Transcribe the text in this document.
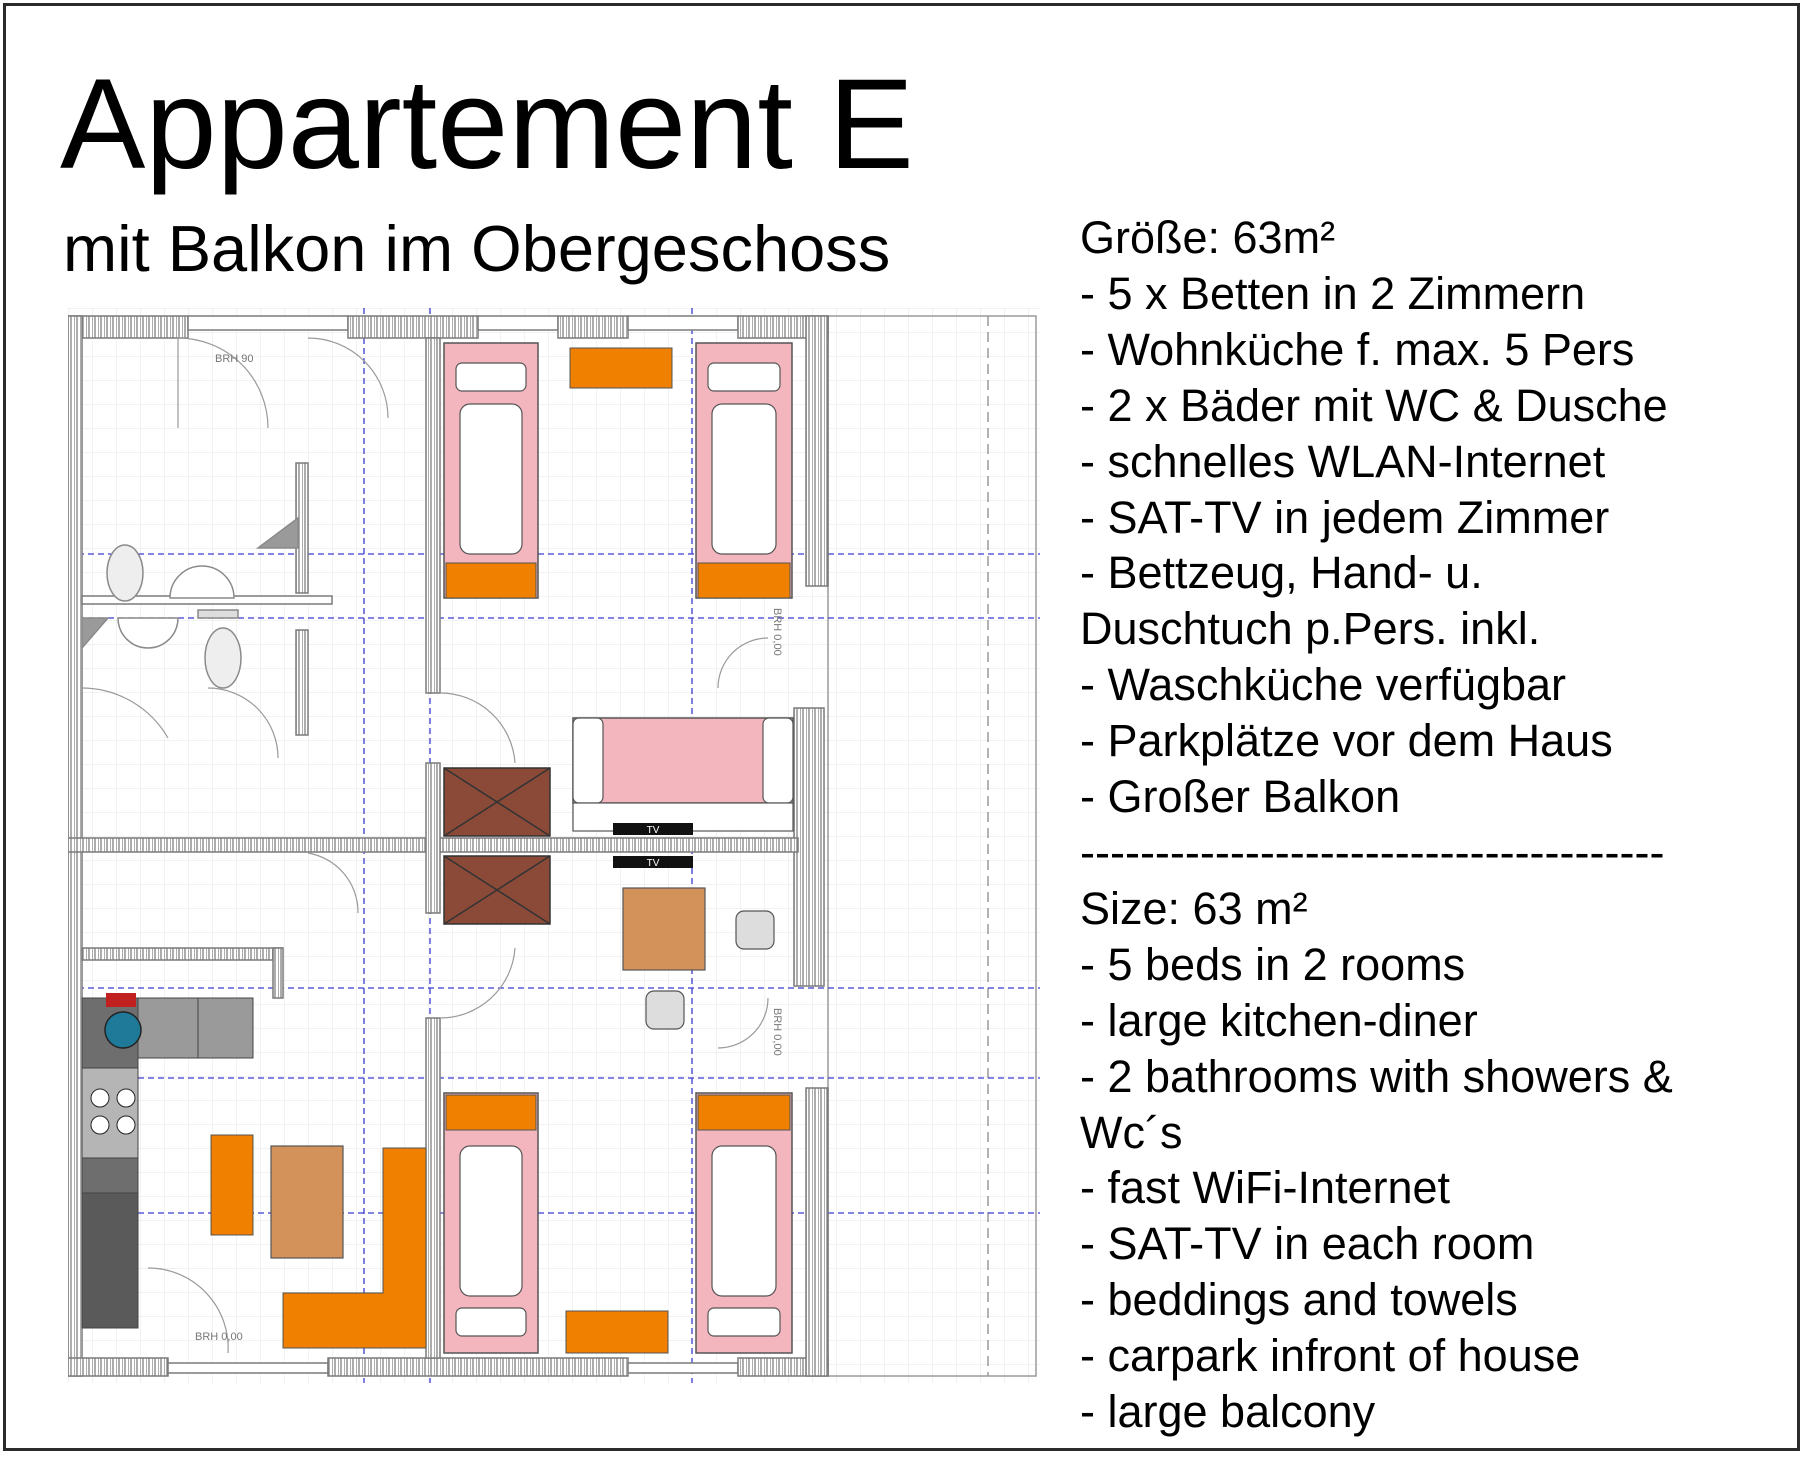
Appartement E
mit Balkon im Obergeschoss	Größe: 63m²
- 5 x Betten in 2 Zimmern
- Wohnküche f. max. 5 Pers
- 2 x Bäder mit WC & Dusche
- schnelles WLAN-Internet
- SAT-TV in jedem Zimmer
- Bettzeug, Hand- u.
Duschtuch p.Pers. inkl.
- Waschküche verfügbar
- Parkplätze vor dem Haus
- Großer Balkon
---------------------------------------
Size: 63 m²
- 5 beds in 2 rooms
- large kitchen-diner
- 2 bathrooms with showers &
Wc´s
- fast WiFi-Internet
- SAT-TV in each room
- beddings and towels
- carpark infront of house
- large balcony
TV
TV
BRH 90
BRH 0,00
BRH 0,00
BRH 0,00
